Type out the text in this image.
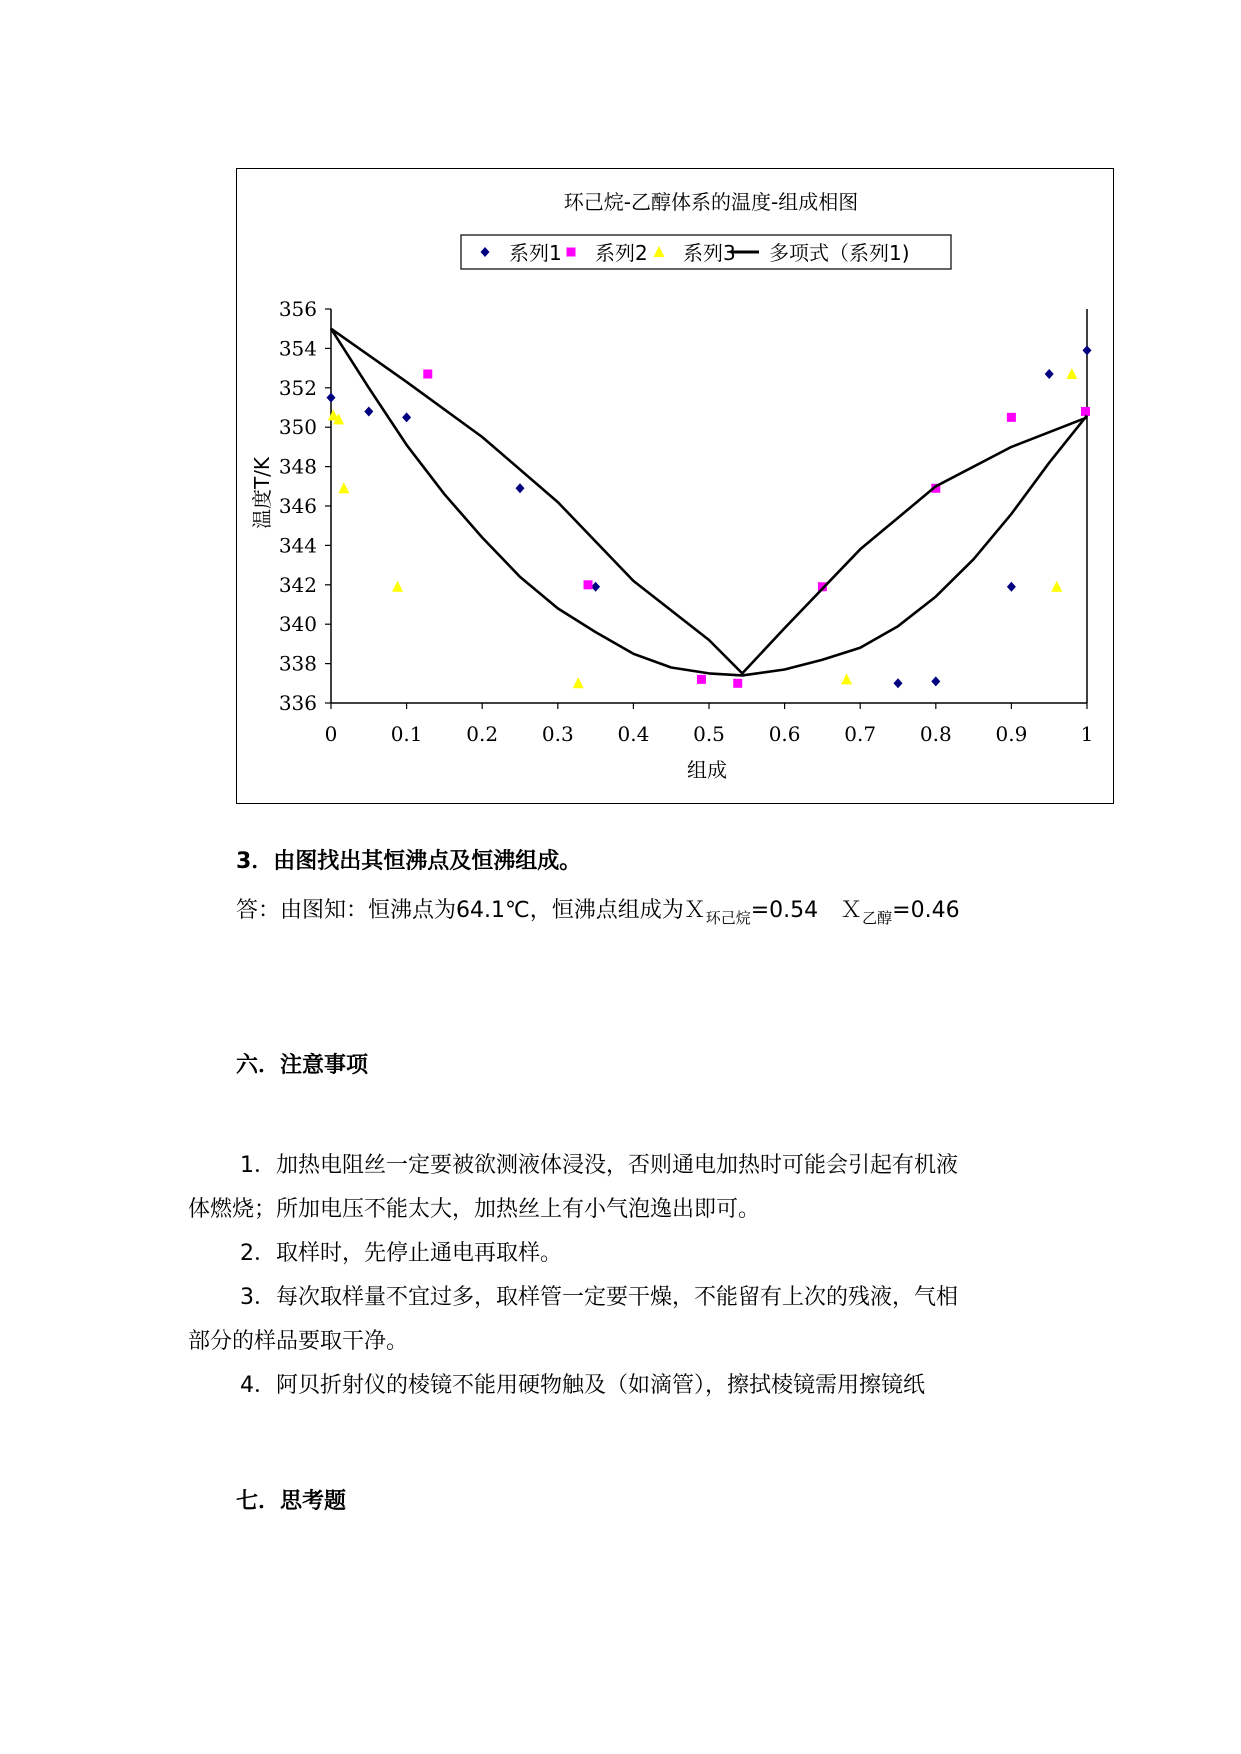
环己烷-乙醇体系的温度-组成相图
系列1 系列2 系列3 多项式（系列1)
336
338
340
342
344
346
348
350
352
354
356
0	0.1 0.2 0.3 0.4 0.5 0.6 0.7 0.8 0.9	1
组成
温度T/K
3．由图找出其恒沸点及恒沸组成。
答：由图知：恒沸点为64.1℃，恒沸点组成为Ｘ$_{环己烷}$=0.54　Ｘ$_{乙醇}$=0.46
六．注意事项
1．加热电阻丝一定要被欲测液体浸没，否则通电加热时可能会引起有机液
体燃烧；所加电压不能太大，加热丝上有小气泡逸出即可。
2．取样时，先停止通电再取样。
3．每次取样量不宜过多，取样管一定要干燥，不能留有上次的残液，气相
部分的样品要取干净。
4．阿贝折射仪的棱镜不能用硬物触及（如滴管），擦拭棱镜需用擦镜纸
七．思考题
